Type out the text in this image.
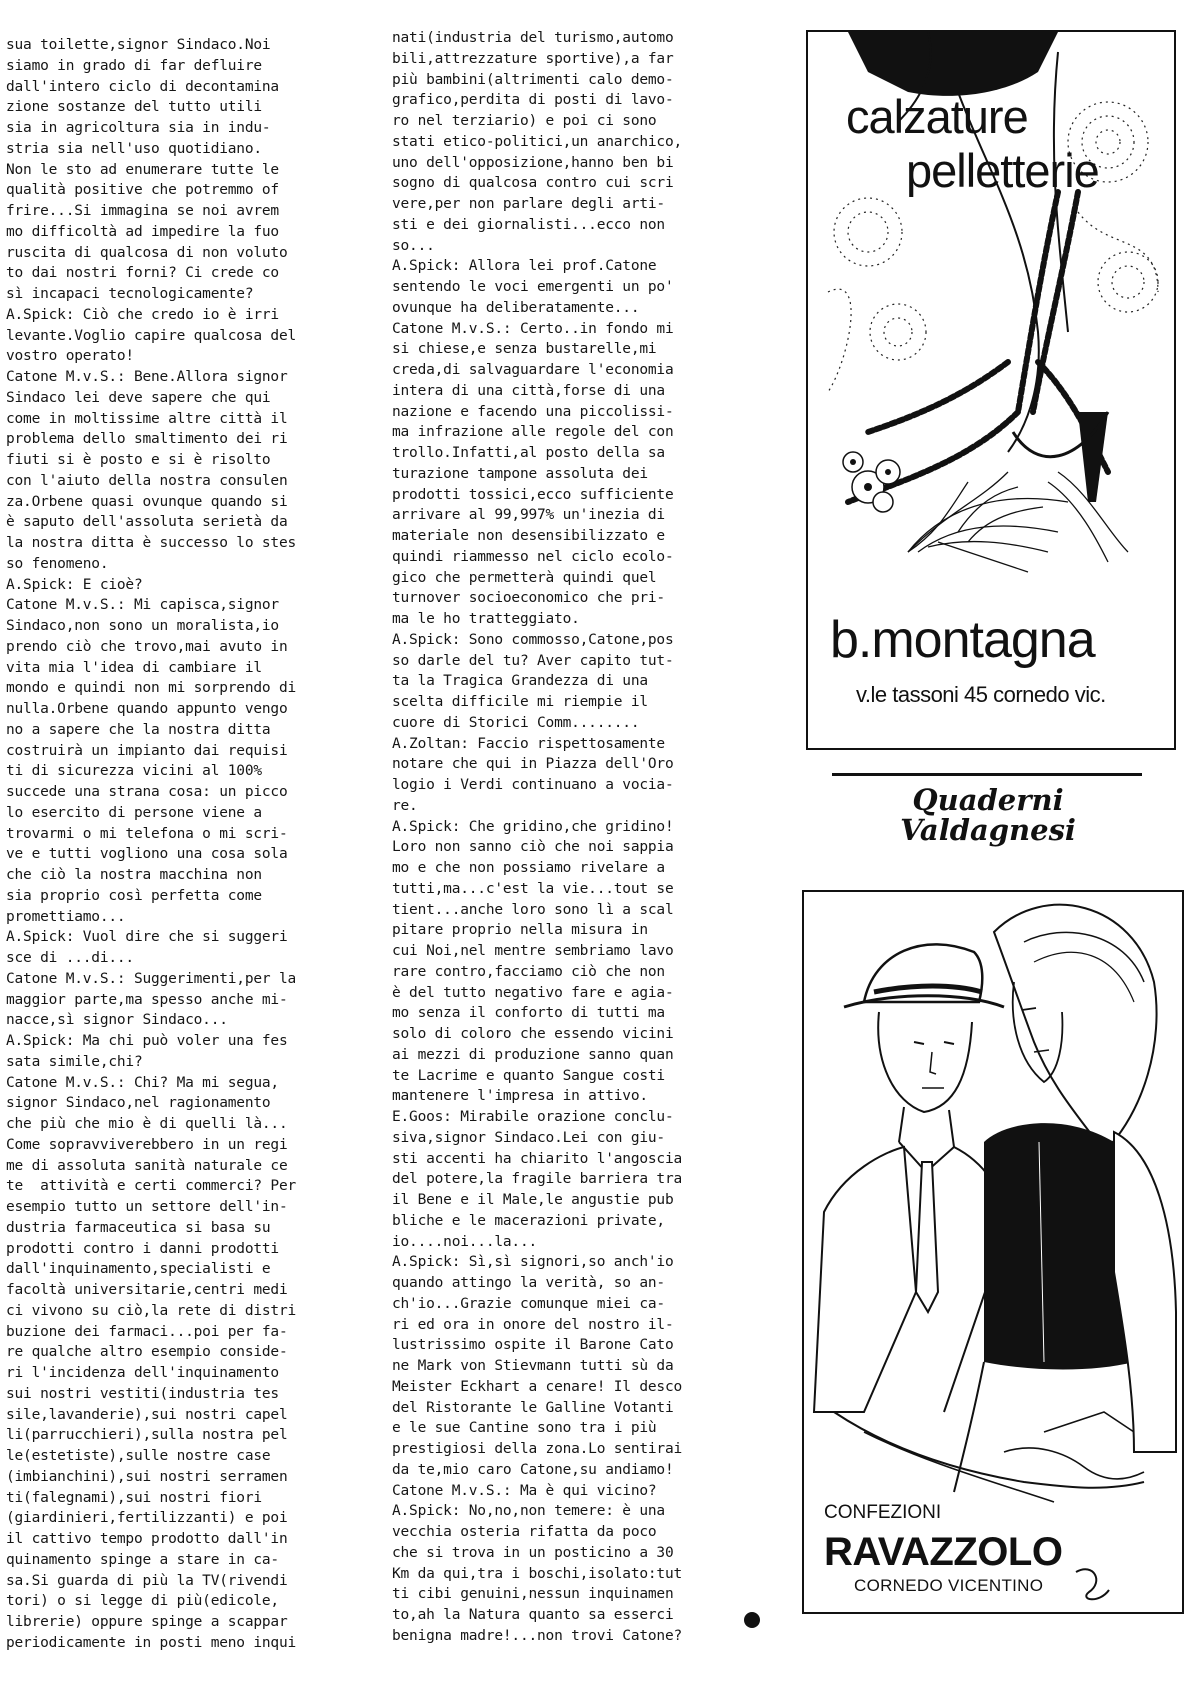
sua toilette,signor Sindaco.Noi
siamo in grado di far defluire
dall'intero ciclo di decontamina
zione sostanze del tutto utili
sia in agricoltura sia in indu-
stria sia nell'uso quotidiano.
Non le sto ad enumerare tutte le
qualità positive che potremmo of
frire...Si immagina se noi avrem
mo difficoltà ad impedire la fuo
ruscita di qualcosa di non voluto
to dai nostri forni? Ci crede co
sì incapaci tecnologicamente?
A.Spick: Ciò che credo io è irri
levante.Voglio capire qualcosa del
vostro operato!
Catone M.v.S.: Bene.Allora signor
Sindaco lei deve sapere che qui
come in moltissime altre città il
problema dello smaltimento dei ri
fiuti si è posto e si è risolto
con l'aiuto della nostra consulen
za.Orbene quasi ovunque quando si
è saputo dell'assoluta serietà da
la nostra ditta è successo lo stes
so fenomeno.
A.Spick: E cioè?
Catone M.v.S.: Mi capisca,signor
Sindaco,non sono un moralista,io
prendo ciò che trovo,mai avuto in
vita mia l'idea di cambiare il
mondo e quindi non mi sorprendo di
nulla.Orbene quando appunto vengo
no a sapere che la nostra ditta
costruirà un impianto dai requisi
ti di sicurezza vicini al 100%
succede una strana cosa: un picco
lo esercito di persone viene a
trovarmi o mi telefona o mi scri-
ve e tutti vogliono una cosa sola
che ciò la nostra macchina non
sia proprio così perfetta come
promettiamo...
A.Spick: Vuol dire che si suggeri
sce di ...di...
Catone M.v.S.: Suggerimenti,per la
maggior parte,ma spesso anche mi-
nacce,sì signor Sindaco...
A.Spick: Ma chi può voler una fes
sata simile,chi?
Catone M.v.S.: Chi? Ma mi segua,
signor Sindaco,nel ragionamento
che più che mio è di quelli là...
Come sopravviverebbero in un regi
me di assoluta sanità naturale ce
te  attività e certi commerci? Per
esempio tutto un settore dell'in-
dustria farmaceutica si basa su
prodotti contro i danni prodotti
dall'inquinamento,specialisti e
facoltà universitarie,centri medi
ci vivono su ciò,la rete di distri
buzione dei farmaci...poi per fa-
re qualche altro esempio conside-
ri l'incidenza dell'inquinamento
sui nostri vestiti(industria tes
sile,lavanderie),sui nostri capel
li(parrucchieri),sulla nostra pel
le(estetiste),sulle nostre case
(imbianchini),sui nostri serramen
ti(falegnami),sui nostri fiori
(giardinieri,fertilizzanti) e poi
il cattivo tempo prodotto dall'in
quinamento spinge a stare in ca-
sa.Si guarda di più la TV(rivendi
tori) o si legge di più(edicole,
librerie) oppure spinge a scappar
periodicamente in posti meno inqui
nati(industria del turismo,automo
bili,attrezzature sportive),a far
più bambini(altrimenti calo demo-
grafico,perdita di posti di lavo-
ro nel terziario) e poi ci sono
stati etico-politici,un anarchico,
uno dell'opposizione,hanno ben bi
sogno di qualcosa contro cui scri
vere,per non parlare degli arti-
sti e dei giornalisti...ecco non
so...
A.Spick: Allora lei prof.Catone
sentendo le voci emergenti un po'
ovunque ha deliberatamente...
Catone M.v.S.: Certo..in fondo mi
si chiese,e senza bustarelle,mi
creda,di salvaguardare l'economia
intera di una città,forse di una
nazione e facendo una piccolissi-
ma infrazione alle regole del con
trollo.Infatti,al posto della sa
turazione tampone assoluta dei
prodotti tossici,ecco sufficiente
arrivare al 99,997% un'inezia di
materiale non desensibilizzato e
quindi riammesso nel ciclo ecolo-
gico che permetterà quindi quel
turnover socioeconomico che pri-
ma le ho tratteggiato.
A.Spick: Sono commosso,Catone,pos
so darle del tu? Aver capito tut-
ta la Tragica Grandezza di una
scelta difficile mi riempie il
cuore di Storici Comm........
A.Zoltan: Faccio rispettosamente
notare che qui in Piazza dell'Oro
logio i Verdi continuano a vocia-
re.
A.Spick: Che gridino,che gridino!
Loro non sanno ciò che noi sappia
mo e che non possiamo rivelare a
tutti,ma...c'est la vie...tout se
tient...anche loro sono lì a scal
pitare proprio nella misura in
cui Noi,nel mentre sembriamo lavo
rare contro,facciamo ciò che non
è del tutto negativo fare e agia-
mo senza il conforto di tutti ma
solo di coloro che essendo vicini
ai mezzi di produzione sanno quan
te Lacrime e quanto Sangue costi
mantenere l'impresa in attivo.
E.Goos: Mirabile orazione conclu-
siva,signor Sindaco.Lei con giu-
sti accenti ha chiarito l'angoscia
del potere,la fragile barriera tra
il Bene e il Male,le angustie pub
bliche e le macerazioni private,
io....noi...la...
A.Spick: Sì,sì signori,so anch'io
quando attingo la verità, so an-
ch'io...Grazie comunque miei ca-
ri ed ora in onore del nostro il-
lustrissimo ospite il Barone Cato
ne Mark von Stievmann tutti sù da
Meister Eckhart a cenare! Il desco
del Ristorante le Galline Votanti
e le sue Cantine sono tra i più
prestigiosi della zona.Lo sentirai
da te,mio caro Catone,su andiamo!
Catone M.v.S.: Ma è qui vicino?
A.Spick: No,no,non temere: è una
vecchia osteria rifatta da poco
che si trova in un posticino a 30
Km da qui,tra i boschi,isolato:tut
ti cibi genuini,nessun inquinamen
to,ah la Natura quanto sa esserci
benigna madre!...non trovi Catone?
calzature
pelletterie
b.montagna
v.le tassoni 45 cornedo vic.
Quaderni
Valdagnesi
CONFEZIONI
RAVAZZOLO
CORNEDO VICENTINO
